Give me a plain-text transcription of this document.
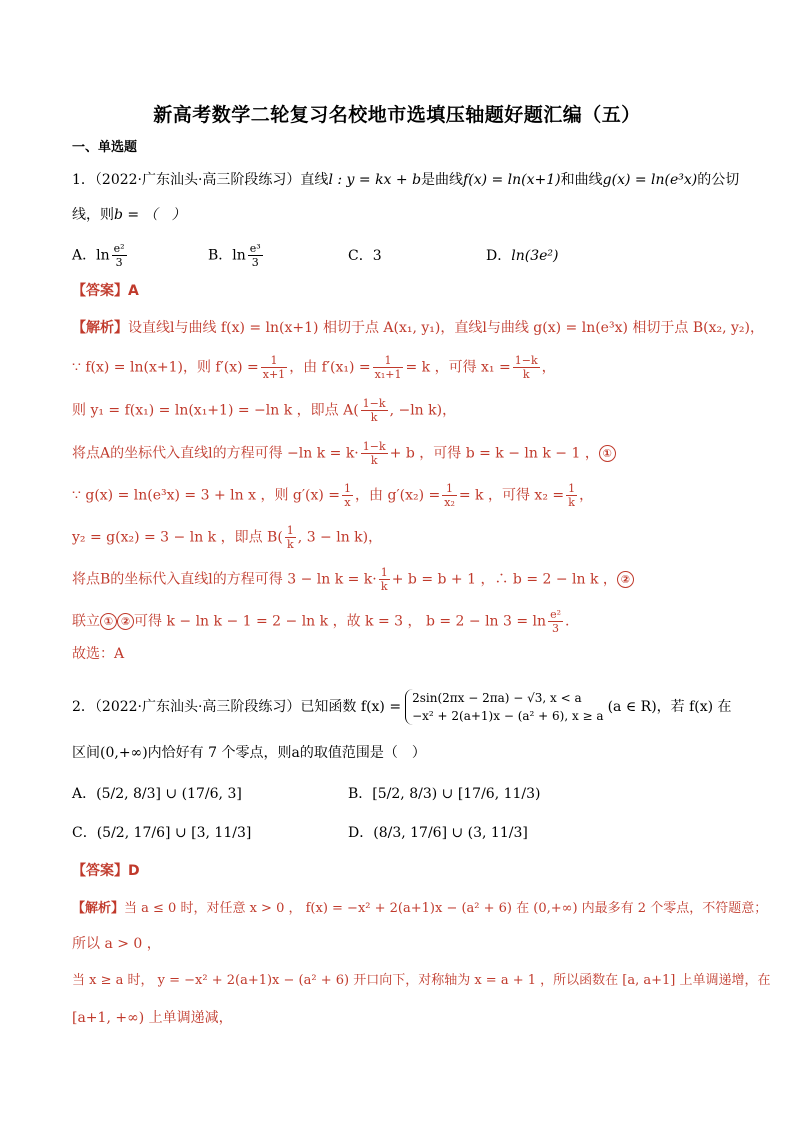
新高考数学二轮复习名校地市选填压轴题好题汇编（五）
一、单选题
1．（2022·广东汕头·高三阶段练习）直线l : y = kx + b是曲线f(x) = ln(x+1)和曲线g(x) = ln(e³x)的公切
线，则b = （　）
A．$\ln \frac{\text{e²}}{3}$	B．$\ln \frac{\text{e³}}{3}$	C．3	D．ln(3e²)
【答案】A
【解析】设直线l与曲线 f(x) = ln(x+1) 相切于点 A(x₁, y₁)，直线l与曲线 g(x) = ln(e³x) 相切于点 B(x₂, y₂)，
∵ f(x) = ln(x+1)，则 $f'(x) = \frac{1}{x+1}$ ，由 $f'(x_1) = \frac{1}{\text{x₁+1}} = k$ ，可得 $x_1 = \frac{1-k}{k}$ ，
则 y₁ = f(x₁) = ln(x₁+1) = −ln k ，即点 $A( \frac{1-k}{k}$ , −ln k)，
将点A的坐标代入直线l的方程可得 −ln $k = k\cdot \frac{1-k}{k} + b$ ，可得 b = k − ln k − 1 ， ①
∵ g(x) = ln(e³x) = 3 + ln x ，则 $g'(x) = \frac{1}{x}$ ，由 $g'(x_2) = \frac{1}{\text{x₂}} = k$ ，可得 $x_2 = \frac{1}{k}$ ，
y₂ = g(x₂) = 3 − ln k ，即点 $B( \frac{1}{k}$ , 3 − ln k)，
将点B的坐标代入直线l的方程可得 $3 - \ln k = k\cdot \frac{1}{k} + b = b + 1$ ，∴ b = 2 − ln k ， ②
联立 ① ② 可得 k − ln k − 1 = 2 − ln k ，故 k = 3 ， $b = 2 - \ln 3 = \ln \frac{\text{e²}}{3}$ .
故选：A
2．（2022·广东汕头·高三阶段练习）已知函数 f(x) =
2sin(2πx − 2πa) − √3, x < a
−x² + 2(a+1)x − (a² + 6), x ≥ a
(a ∈ R)，若 f(x) 在
区间(0,+∞)内恰好有 7 个零点，则a的取值范围是（　）
A．(5/2, 8/3] ∪ (17/6, 3]	B．[5/2, 8/3) ∪ [17/6, 11/3)
C．(5/2, 17/6] ∪ [3, 11/3]	D．(8/3, 17/6] ∪ (3, 11/3]
【答案】D
【解析】当 a ≤ 0 时，对任意 x > 0 ， f(x) = −x² + 2(a+1)x − (a² + 6) 在 (0,+∞) 内最多有 2 个零点，不符题意；
所以 a > 0 ，
当 x ≥ a 时， y = −x² + 2(a+1)x − (a² + 6) 开口向下，对称轴为 x = a + 1 ，所以函数在 [a, a+1] 上单调递增，在
[a+1, +∞) 上单调递减，
